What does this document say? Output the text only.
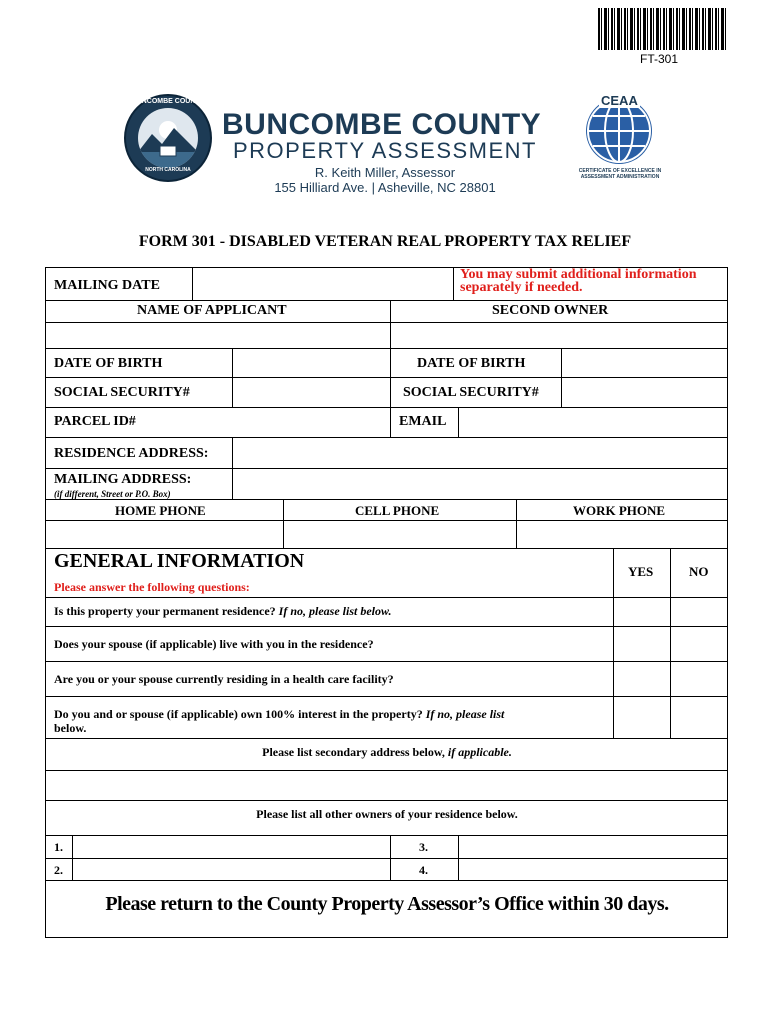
FT-301
BUNCOMBE COUNTY
NORTH CAROLINA
BUNCOMBE COUNTY
PROPERTY ASSESSMENT
R. Keith Miller, Assessor
155 Hilliard Ave. | Asheville, NC 28801
CEAA
CERTIFICATE OF EXCELLENCE IN ASSESSMENT ADMINISTRATION
FORM 301 - DISABLED VETERAN REAL PROPERTY TAX RELIEF
MAILING DATE
You may submit additional information separately if needed.
NAME OF APPLICANT	SECOND OWNER
DATE OF BIRTH	DATE OF BIRTH
SOCIAL SECURITY#	SOCIAL SECURITY#
PARCEL ID#	EMAIL
RESIDENCE ADDRESS:
MAILING ADDRESS:
(if different, Street or P.O. Box)
HOME PHONE	CELL PHONE	WORK PHONE
GENERAL INFORMATION
Please answer the following questions:
YES	NO
Is this property your permanent residence? If no, please list below.
Does your spouse (if applicable) live with you in the residence?
Are you or your spouse currently residing in a health care facility?
Do you and or spouse (if applicable) own 100% interest in the property? If no, please list
below.
Please list secondary address below, if applicable.
Please list all other owners of your residence below.
1.
2.
3.
4.
Please return to the County Property Assessor’s Office within 30 days.
